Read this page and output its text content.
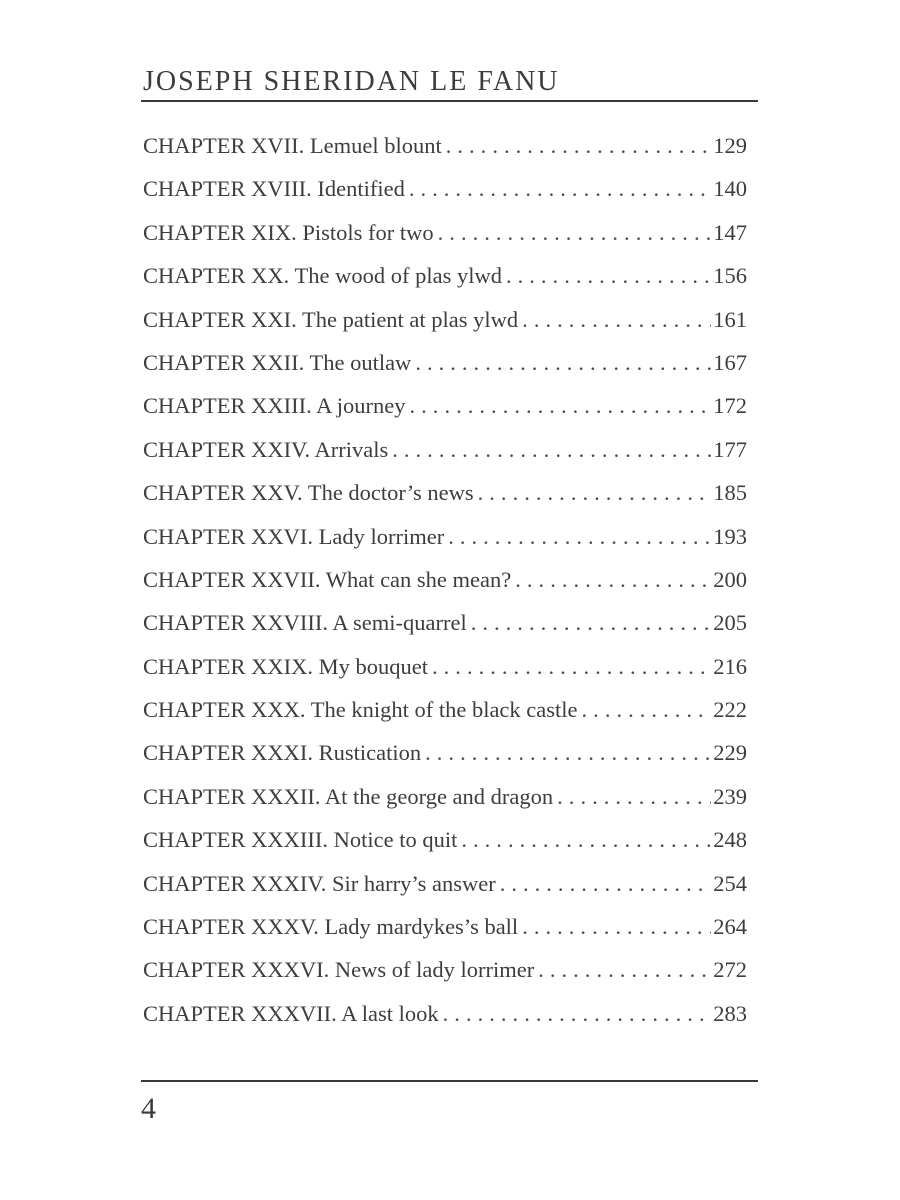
JOSEPH SHERIDAN LE FANU
CHAPTER XVII. Lemuel blount . . .	129
CHAPTER XVIII. Identified . . .	140
CHAPTER XIX. Pistols for two . . .	147
CHAPTER XX. The wood of plas ylwd . . .	156
CHAPTER XXI. The patient at plas ylwd . . .	161
CHAPTER XXII. The outlaw . . .	167
CHAPTER XXIII. A journey . . .	172
CHAPTER XXIV. Arrivals . . .	177
CHAPTER XXV. The doctor’s news . . .	185
CHAPTER XXVI. Lady lorrimer . . .	193
CHAPTER XXVII. What can she mean? . . .	200
CHAPTER XXVIII. A semi-quarrel . . .	205
CHAPTER XXIX. My bouquet . . .	216
CHAPTER XXX. The knight of the black castle . . .	222
CHAPTER XXXI. Rustication . . .	229
CHAPTER XXXII. At the george and dragon . . .	239
CHAPTER XXXIII. Notice to quit . . .	248
CHAPTER XXXIV. Sir harry’s answer . . .	254
CHAPTER XXXV. Lady mardykes’s ball . . .	264
CHAPTER XXXVI. News of lady lorrimer . . .	272
CHAPTER XXXVII. A last look . . .	283
4
